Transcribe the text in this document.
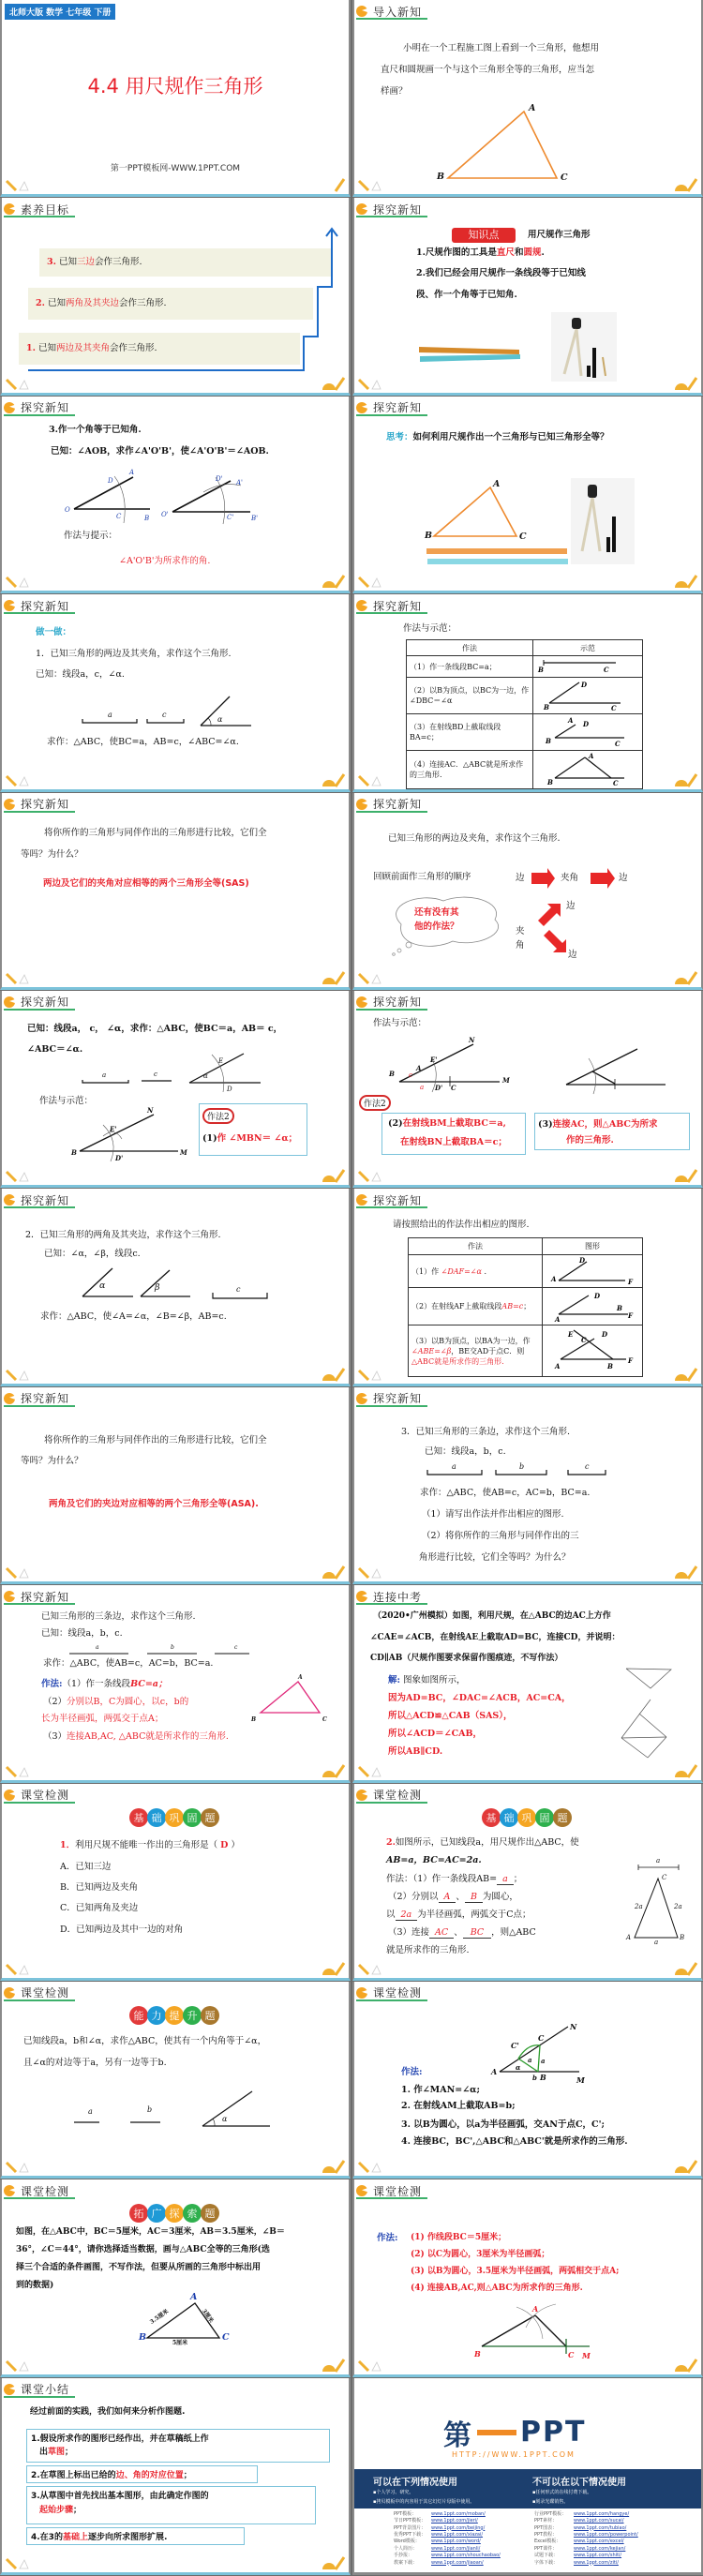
北师大版 数学 七年级 下册
4.4 用尺规作三角形
第一PPT模板网-WWW.1PPT.COM
导入新知
小明在一个工程施工图上看到一个三角形，他想用
直尺和圆规画一个与这个三角形全等的三角形，应当怎
样画？
A
B	C
素养目标
3. 已知三边会作三角形.
2. 已知两角及其夹边会作三角形.
1. 已知两边及其夹角会作三角形.
探究新知
知识点	用尺规作三角形
1.尺规作图的工具是直尺和圆规.
2.我们已经会用尺规作一条线段等于已知线
段、作一个角等于已知角.
探究新知
3.作一个角等于已知角.
已知：∠AOB，求作∠A'O'B'，使∠A'O'B'＝∠AOB.
O
D
A
C	B O'
D' A'
C'	B'
作法与提示：
∠A'O'B'为所求作的角.
探究新知
思考：如何利用尺规作出一个三角形与已知三角形全等？
A
B	C
探究新知
做一做：
1．已知三角形的两边及其夹角，求作这个三角形.
已知：线段a，c，∠α.
a	c
α
求作：△ABC，使BC=a，AB=c，∠ABC=∠α.
探究新知
作法与示范：
作法	示范
（1）作一条线段BC=a；	B C

（2）以B为顶点，以BC为一边，作∠DBC＝∠α	D
B C

（3）在射线BD上截取线段BA=c；	A D
B C

（4）连接AC．△ABC就是所求作的三角形.	A
B C
探究新知
将你所作的三角形与同伴作出的三角形进行比较，它们全
等吗？为什么？
两边及它们的夹角对应相等的两个三角形全等(SAS)
探究新知
已知三角形的两边及夹角，求作这个三角形.
回顾前面作三角形的顺序	边	夹角	边
还有没有其
他的作法？	夹
角
边
边
探究新知
已知：线段a， c， ∠α，求作：△ABC，使BC＝a，AB＝ c，
∠ABC＝∠α.
a	c	α
E
D
作法与示范：
N
E'
B
D'
M
作法2
(1)作 ∠MBN＝ ∠α；
探究新知
作法与示范：
N
E'
B
A
c
a D' C
M
作法2
(2)在射线BM上截取BC＝a,
在射线BN上截取BA＝c；
(3)连接AC，则△ABC为所求
作的三角形.
探究新知
2．已知三角形的两角及其夹边，求作这个三角形.
已知：∠α，∠β，线段c.
α	β	c
求作：△ABC，使∠A=∠α，∠B=∠β，AB=c.
探究新知
请按照给出的作法作出相应的图形.
作法	图形
（1）作 ∠DAF=∠α .	D
A F

（2）在射线AF上截取线段AB=c；	D
B
F
A

（3）以B为顶点，以BA为一边，作 ∠ABE=∠β，BE交AD于点C．则△ABC就是所求作的三角形.	
E
C
D
A	B
F
探究新知
将你所作的三角形与同伴作出的三角形进行比较，它们全
等吗？为什么？
两角及它们的夹边对应相等的两个三角形全等(ASA).
探究新知
3．已知三角形的三条边，求作这个三角形.
已知：线段a，b，c.
a	b	c
求作：△ABC，使AB=c，AC=b，BC=a.
（1）请写出作法并作出相应的图形.
（2）将你所作的三角形与同伴作出的三
角形进行比较，它们全等吗？为什么？
探究新知
已知三角形的三条边，求作这个三角形.
已知：线段a，b，c.
a	b	c
求作：△ABC，使AB=c，AC=b，BC=a.
作法:（1）作一条线段BC=a；
（2）分别以B，C为圆心，以c，b的
长为半径画弧，两弧交于点A；
（3）连接AB,AC, △ABC就是所求作的三角形.
A
B	C
连接中考
（2020•广州模拟）如图，利用尺规，在△ABC的边AC上方作
∠CAE=∠ACB，在射线AE上截取AD=BC，连接CD，并说明：
CD∥AB（尺规作图要求保留作图痕迹，不写作法）
解: 图象如图所示，
因为AD=BC，∠DAC=∠ACB，AC=CA，
所以△ACD≌△CAB（SAS），
所以∠ACD＝∠CAB，
所以AB∥CD.
课堂检测
基 础 巩 固 题
1．利用尺规不能唯一作出的三角形是（ D ）
A．已知三边
B．已知两边及夹角
C．已知两角及夹边
D．已知两边及其中一边的对角
课堂检测
基 础 巩 固 题
2.如图所示，已知线段a，用尺规作出△ABC，使
AB=a，BC=AC=2a.
作法：（1）作一条线段AB= a ；
（2）分别以 A 、 B 为圆心，
以 2a 为半径画弧，两弧交于C点；
（3）连接 AC 、 BC ，则△ABC
就是所求作的三角形.
a
C
2a	2a
A	B
a
课堂检测
能 力 提 升 题
已知线段a，b和∠α，求作△ABC，使其有一个内角等于∠α，
且∠α的对边等于a，另有一边等于b.
a	b
α
课堂检测
N
C
C'
a a
α
A
b B	M
作法:
1. 作∠MAN=∠α;
2. 在射线AM上截取AB=b;
3. 以B为圆心，以a为半径画弧，交AN于点C，C';
4. 连接BC，BC',△ABC和△ABC'就是所求作的三角形.
课堂检测
拓 广 探 索 题
如图，在△ABC中，BC＝5厘米，AC＝3厘米，AB＝3.5厘米，∠B＝
36°，∠C＝44°，请你选择适当数据，画与△ABC全等的三角形(选
择三个合适的条件画图，不写作法，但要从所画的三角形中标出用
到的数据)
A
B	C
3.5厘米	3厘米
5厘米
课堂检测
作法: (1) 作线段BC＝5厘米；
(2) 以C为圆心，3厘米为半径画弧；
(3) 以B为圆心，3.5厘米为半径画弧，两弧相交于点A;
(4) 连接AB,AC,则△ABC为所求作的三角形.
A
B	C M
课堂小结
经过前面的实践，我们如何来分析作图题.
1.假设所求作的图形已经作出，并在草稿纸上作
出草图；
2.在草图上标出已给的边、角的对应位置；
3.从草图中首先找出基本图形，由此确定作图的
起始步骤；
4.在3的基础上逐步向所求图形扩展.
第 PPT
HTTP://WWW.1PPT.COM
可以在下列情况使用
▪个人学习、研究。
▪拷贝模板中的内容用于其它幻灯片母版中使用。
不可以在以下情况使用
▪任何形式的在线付费下载。
▪刻录光碟销售。
PPT模板：	www.1ppt.com/moban/
节日PPT模板： www.1ppt.com/jieri/
PPT背景图片： www.1ppt.com/beijing/
优秀PPT下载： www.1ppt.com/xiazai/
Word模板： www.1ppt.com/word/
个人简历：	www.1ppt.com/jianli/
手抄报：	www.1ppt.com/shouchaobao/
教案下载：	www.1ppt.com/jiaoan/
行业PPT模板： www.1ppt.com/hangye/
PPT素材：	www.1ppt.com/sucai/
PPT图表：	www.1ppt.com/tubiao/
PPT教程：	www.1ppt.com/powerpoint/
Excel模板：	www.1ppt.com/excel/
PPT课件：	www.1ppt.com/kejian/
试题下载：	www.1ppt.com/shiti/
字体下载：	www.1ppt.com/ziti/
